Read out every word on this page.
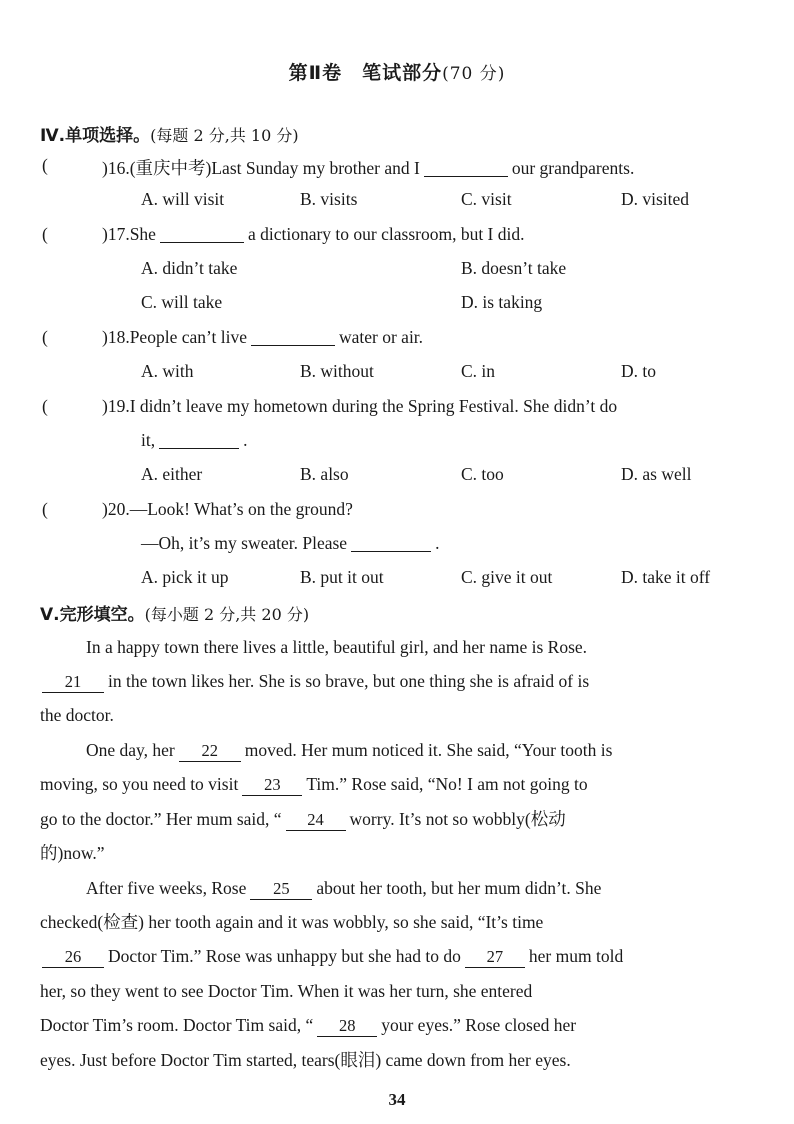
第Ⅱ卷　笔试部分(70 分)
Ⅳ.单项选择。(每题 2 分,共 10 分)
(	)16.(重庆中考)Last Sunday my brother and I	our grandparents.
A. will visit	B. visits	C. visit	D. visited
(	)17.She	a dictionary to our classroom, but I did.
A. didn’t take	B. doesn’t take
C. will take	D. is taking
(	)18.People can’t live	water or air.
A. with	B. without	C. in	D. to
(	)19.I didn’t leave my hometown during the Spring Festival. She didn’t do
it,	.
A. either	B. also	C. too	D. as well
(	)20.—Look! What’s on the ground?
—Oh, it’s my sweater. Please	.
A. pick it up	B. put it out	C. give it out	D. take it off
Ⅴ.完形填空。(每小题 2 分,共 20 分)
In a happy town there lives a little, beautiful girl, and her name is Rose.
21 in the town likes her. She is so brave, but one thing she is afraid of is
the doctor.
One day, her 22 moved. Her mum noticed it. She said, “Your tooth is
moving, so you need to visit 23 Tim.” Rose said, “No! I am not going to
go to the doctor.” Her mum said, “ 24 worry. It’s not so wobbly(松动
的)now.”
After five weeks, Rose 25 about her tooth, but her mum didn’t. She
checked(检查) her tooth again and it was wobbly, so she said, “It’s time
26 Doctor Tim.” Rose was unhappy but she had to do 27 her mum told
her, so they went to see Doctor Tim. When it was her turn, she entered
Doctor Tim’s room. Doctor Tim said, “ 28 your eyes.” Rose closed her
eyes. Just before Doctor Tim started, tears(眼泪) came down from her eyes.
34
